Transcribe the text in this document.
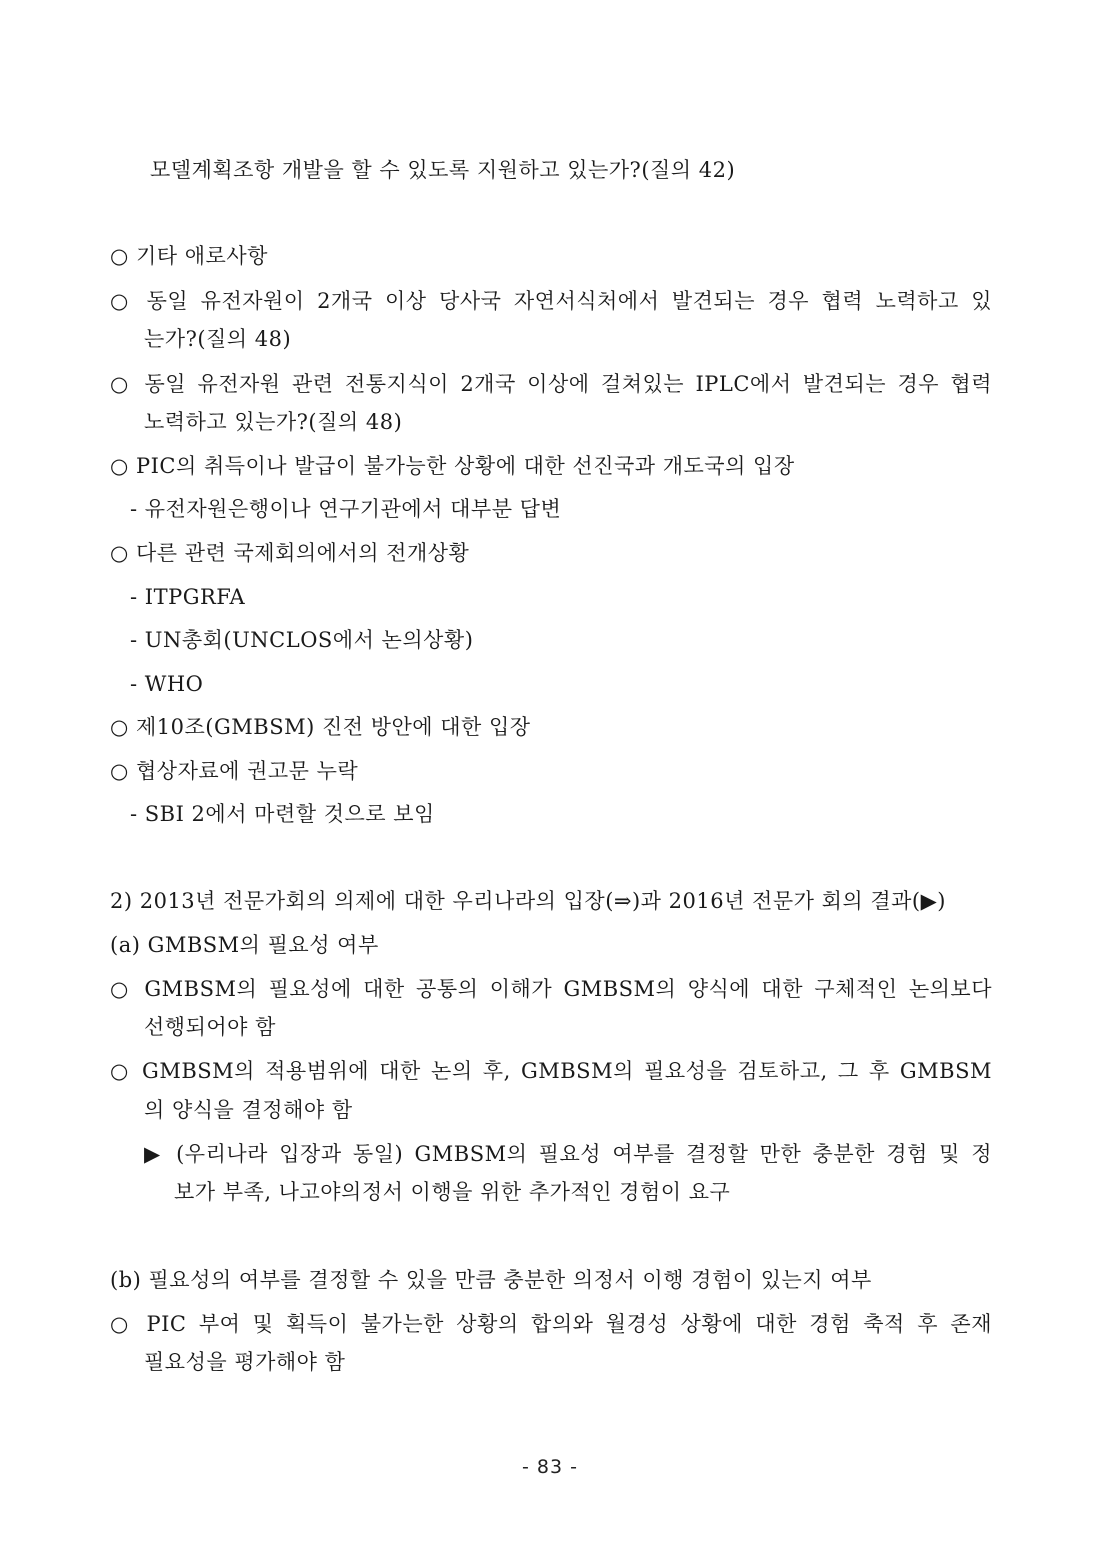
모델계획조항 개발을 할 수 있도록 지원하고 있는가?(질의 42)
○ 기타 애로사항
○ 동일 유전자원이 2개국 이상 당사국 자연서식처에서 발견되는 경우 협력 노력하고 있
는가?(질의 48)
○ 동일 유전자원 관련 전통지식이 2개국 이상에 걸쳐있는 IPLC에서 발견되는 경우 협력
노력하고 있는가?(질의 48)
○ PIC의 취득이나 발급이 불가능한 상황에 대한 선진국과 개도국의 입장
- 유전자원은행이나 연구기관에서 대부분 답변
○ 다른 관련 국제회의에서의 전개상황
- ITPGRFA
- UN총회(UNCLOS에서 논의상황)
- WHO
○ 제10조(GMBSM) 진전 방안에 대한 입장
○ 협상자료에 권고문 누락
- SBI 2에서 마련할 것으로 보임
2) 2013년 전문가회의 의제에 대한 우리나라의 입장(⇒)과 2016년 전문가 회의 결과(▶)
(a) GMBSM의 필요성 여부
○ GMBSM의 필요성에 대한 공통의 이해가 GMBSM의 양식에 대한 구체적인 논의보다
선행되어야 함
○ GMBSM의 적용범위에 대한 논의 후, GMBSM의 필요성을 검토하고, 그 후 GMBSM
의 양식을 결정해야 함
▶ (우리나라 입장과 동일) GMBSM의 필요성 여부를 결정할 만한 충분한 경험 및 정
보가 부족, 나고야의정서 이행을 위한 추가적인 경험이 요구
(b) 필요성의 여부를 결정할 수 있을 만큼 충분한 의정서 이행 경험이 있는지 여부
○ PIC 부여 및 획득이 불가는한 상황의 합의와 월경성 상황에 대한 경험 축적 후 존재
필요성을 평가해야 함
- 83 -
